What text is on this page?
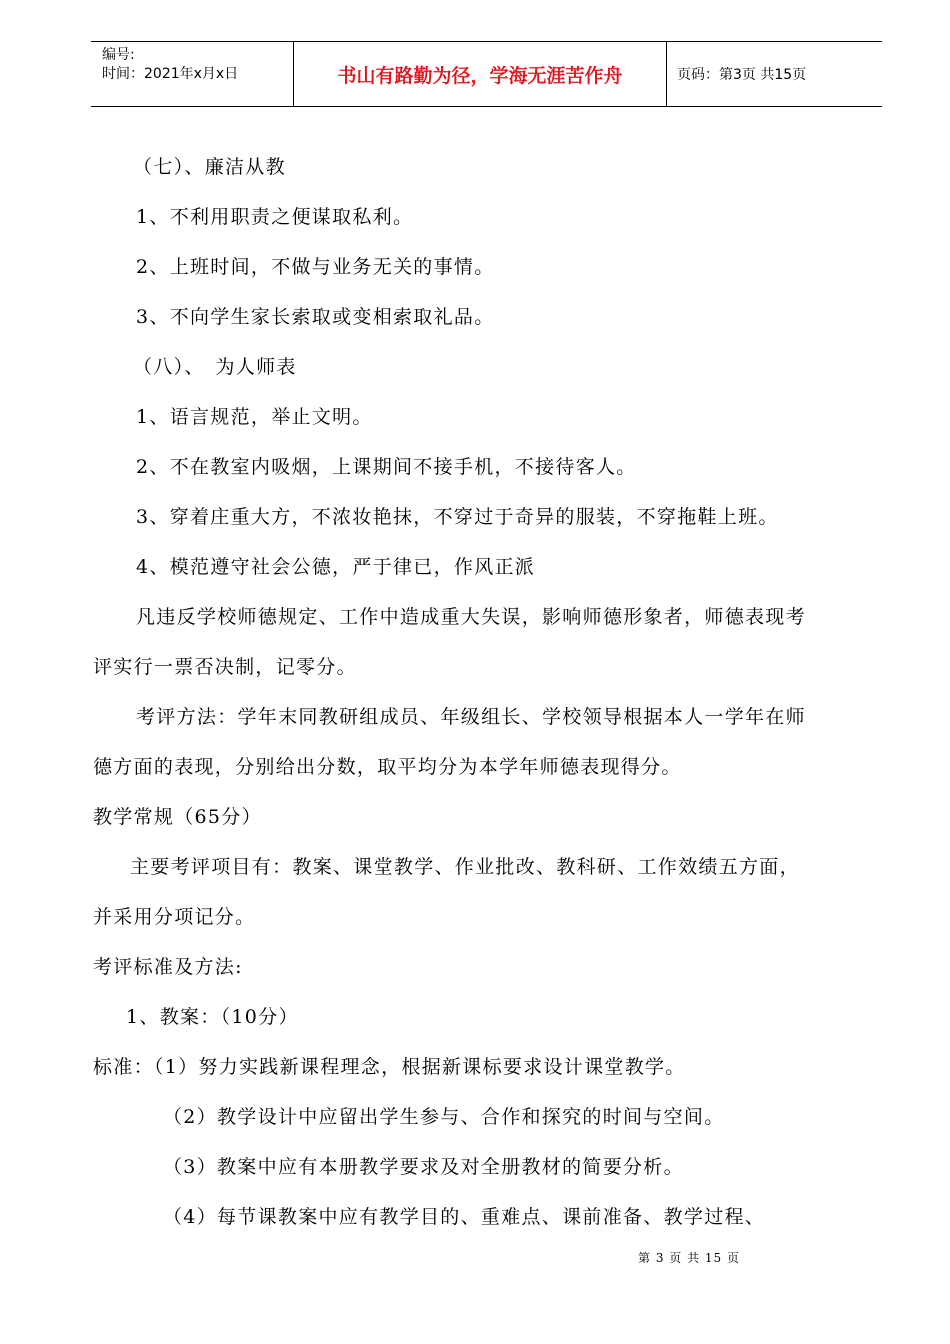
编号:
时间：2021年x月x日	书山有路勤为径，学海无涯苦作舟	页码：第3页 共15页
（七）、廉洁从教
1、不利用职责之便谋取私利。
2、上班时间，不做与业务无关的事情。
3、不向学生家长索取或变相索取礼品。
（八）、　为人师表
1、语言规范，举止文明。
2、不在教室内吸烟，上课期间不接手机，不接待客人。
3、穿着庄重大方，不浓妆艳抹，不穿过于奇异的服装，不穿拖鞋上班。
4、模范遵守社会公德，严于律已，作风正派
凡违反学校师德规定、工作中造成重大失误，影响师德形象者，师德表现考
评实行一票否决制，记零分。
考评方法：学年末同教研组成员、年级组长、学校领导根据本人一学年在师
德方面的表现，分别给出分数，取平均分为本学年师德表现得分。
教学常规（65分）
主要考评项目有：教案、课堂教学、作业批改、教科研、工作效绩五方面，
并采用分项记分。
考评标准及方法:
1、教案：（10分）
标准：（1）努力实践新课程理念，根据新课标要求设计课堂教学。
（2）教学设计中应留出学生参与、合作和探究的时间与空间。
（3）教案中应有本册教学要求及对全册教材的简要分析。
（4）每节课教案中应有教学目的、重难点、课前准备、教学过程、
第 3 页 共 15 页
